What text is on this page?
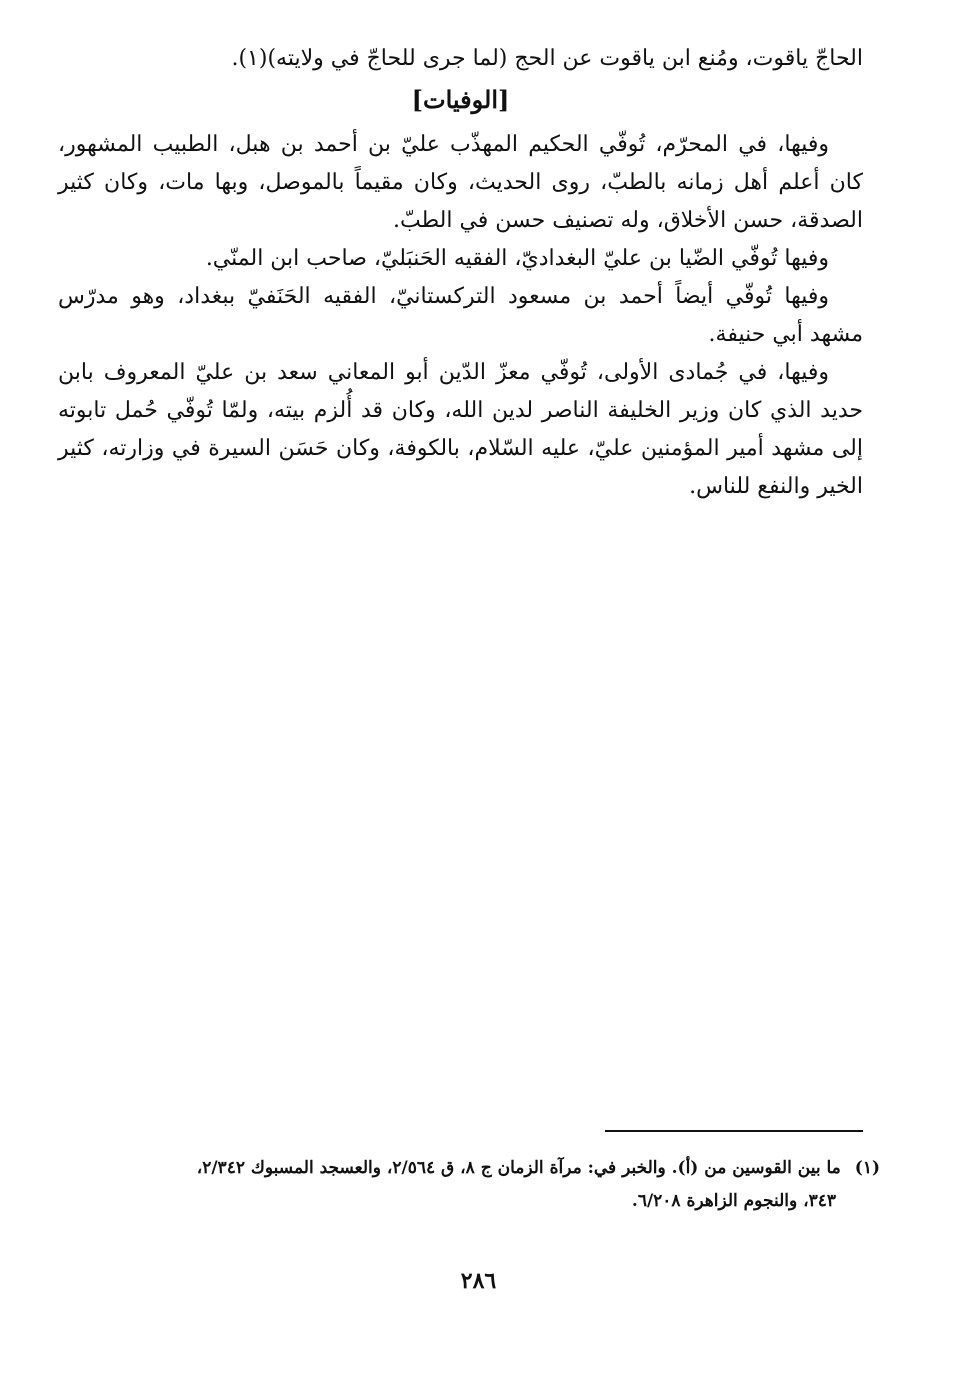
الحاجّ ياقوت، ومُنع ابن ياقوت عن الحج (لما جرى للحاجّ في ولايته)(١).

[الوفيات]

وفيها، في المحرّم، تُوفّي الحكيم المهذّب عليّ بن أحمد بن هبل، الطبيب المشهور، كان أعلم أهل زمانه بالطبّ، روى الحديث، وكان مقيماً بالموصل، وبها مات، وكان كثير الصدقة، حسن الأخلاق، وله تصنيف حسن في الطبّ.

وفيها تُوفّي الضّيا بن عليّ البغداديّ، الفقيه الحَنبَليّ، صاحب ابن المنّي.

وفيها تُوفّي أيضاً أحمد بن مسعود التركستانيّ، الفقيه الحَنَفيّ ببغداد، وهو مدرّس مشهد أبي حنيفة.

وفيها، في جُمادى الأولى، تُوفّي معزّ الدّين أبو المعاني سعد بن عليّ المعروف بابن حديد الذي كان وزير الخليفة الناصر لدين الله، وكان قد أُلزم بيته، ولمّا تُوفّي حُمل تابوته إلى مشهد أمير المؤمنين عليّ، عليه السّلام، بالكوفة، وكان حَسَن السيرة في وزارته، كثير الخير والنفع للناس.

(١)ما بين القوسين من (أ). والخبر في: مرآة الزمان ج ٨، ق ٢/٥٦٤، والعسجد المسبوك ٢/٣٤٢،
٣٤٣، والنجوم الزاهرة ٦/٢٠٨.
٢٨٦
